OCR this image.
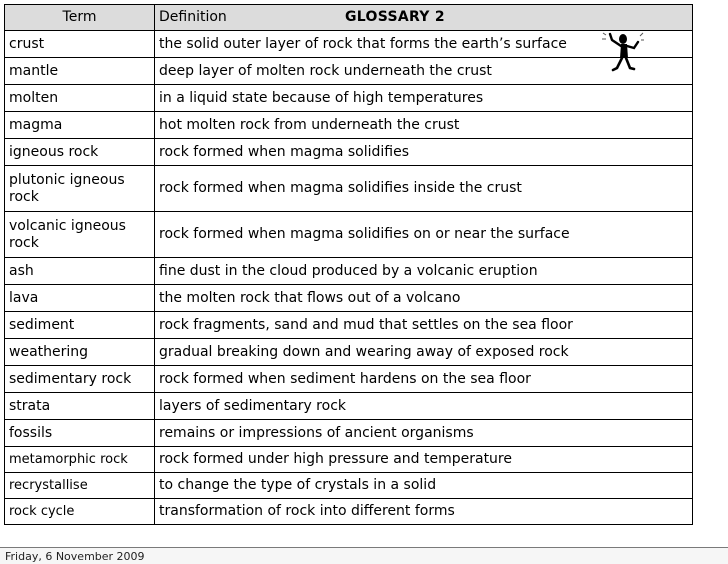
Term	Definition GLOSSARY 2

crust	the solid outer layer of rock that forms the earth’s surface
mantle	deep layer of molten rock underneath the crust
molten	in a liquid state because of high temperatures
magma	hot molten rock from underneath the crust
igneous rock	rock formed when magma solidifies
plutonic igneous rock	rock formed when magma solidifies inside the crust
volcanic igneous rock	rock formed when magma solidifies on or near the surface
ash	fine dust in the cloud produced by a volcanic eruption
lava	the molten rock that flows out of a volcano
sediment	rock fragments, sand and mud that settles on the sea floor
weathering	gradual breaking down and wearing away of exposed rock
sedimentary rock	rock formed when sediment hardens on the sea floor
strata	layers of sedimentary rock
fossils	remains or impressions of ancient organisms
metamorphic rock	rock formed under high pressure and temperature
recrystallise	to change the type of crystals in a solid
rock cycle	transformation of rock into different forms
Friday, 6 November 2009
